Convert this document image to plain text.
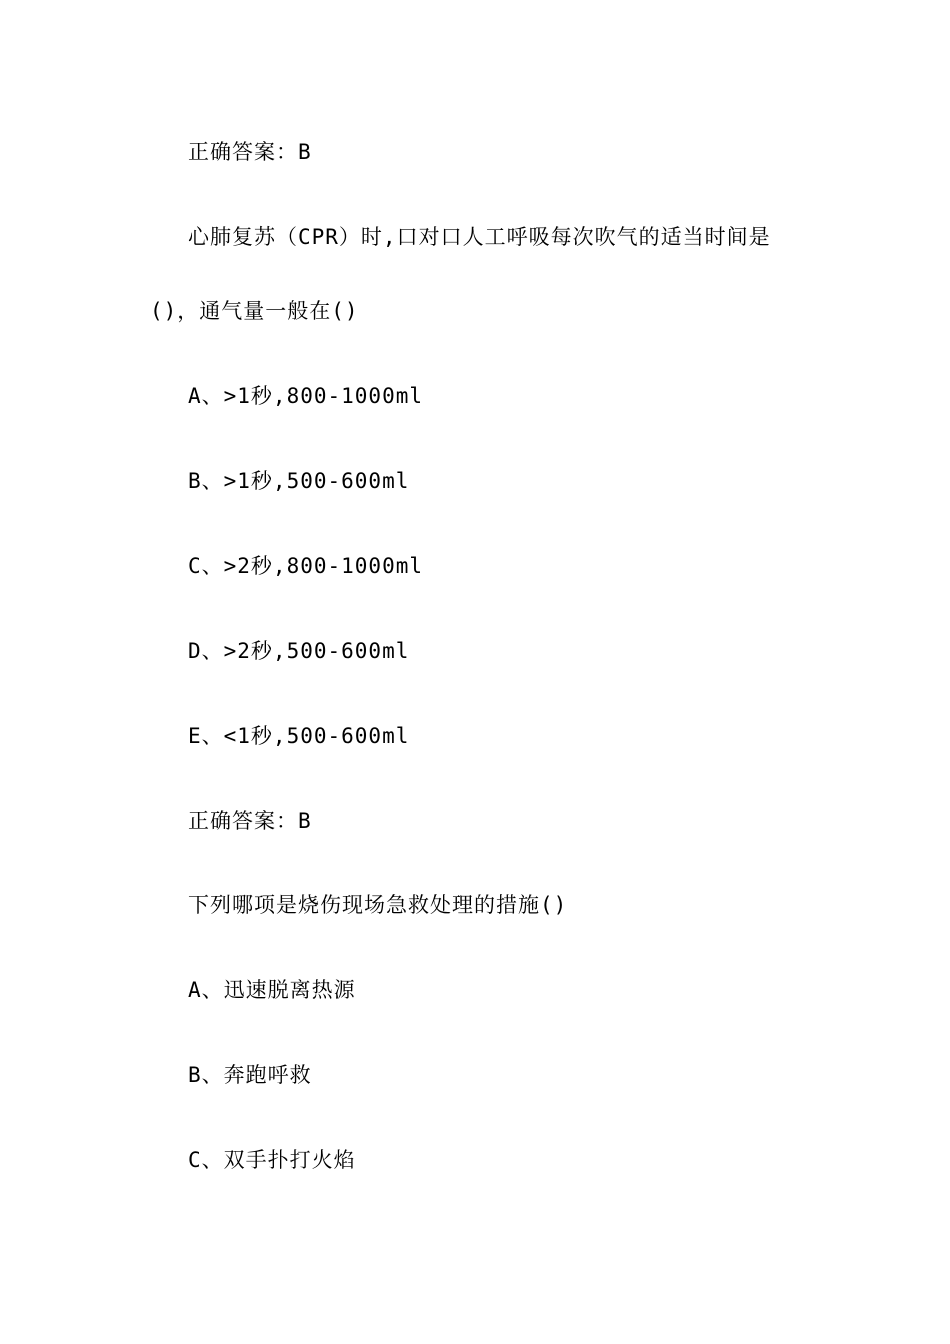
正确答案：B
心肺复苏（CPR）时,口对口人工呼吸每次吹气的适当时间是
()，通气量一般在()
A、>1秒,800-1000ml
B、>1秒,500-600ml
C、>2秒,800-1000ml
D、>2秒,500-600ml
E、<1秒,500-600ml
正确答案：B
下列哪项是烧伤现场急救处理的措施()
A、迅速脱离热源
B、奔跑呼救
C、双手扑打火焰
